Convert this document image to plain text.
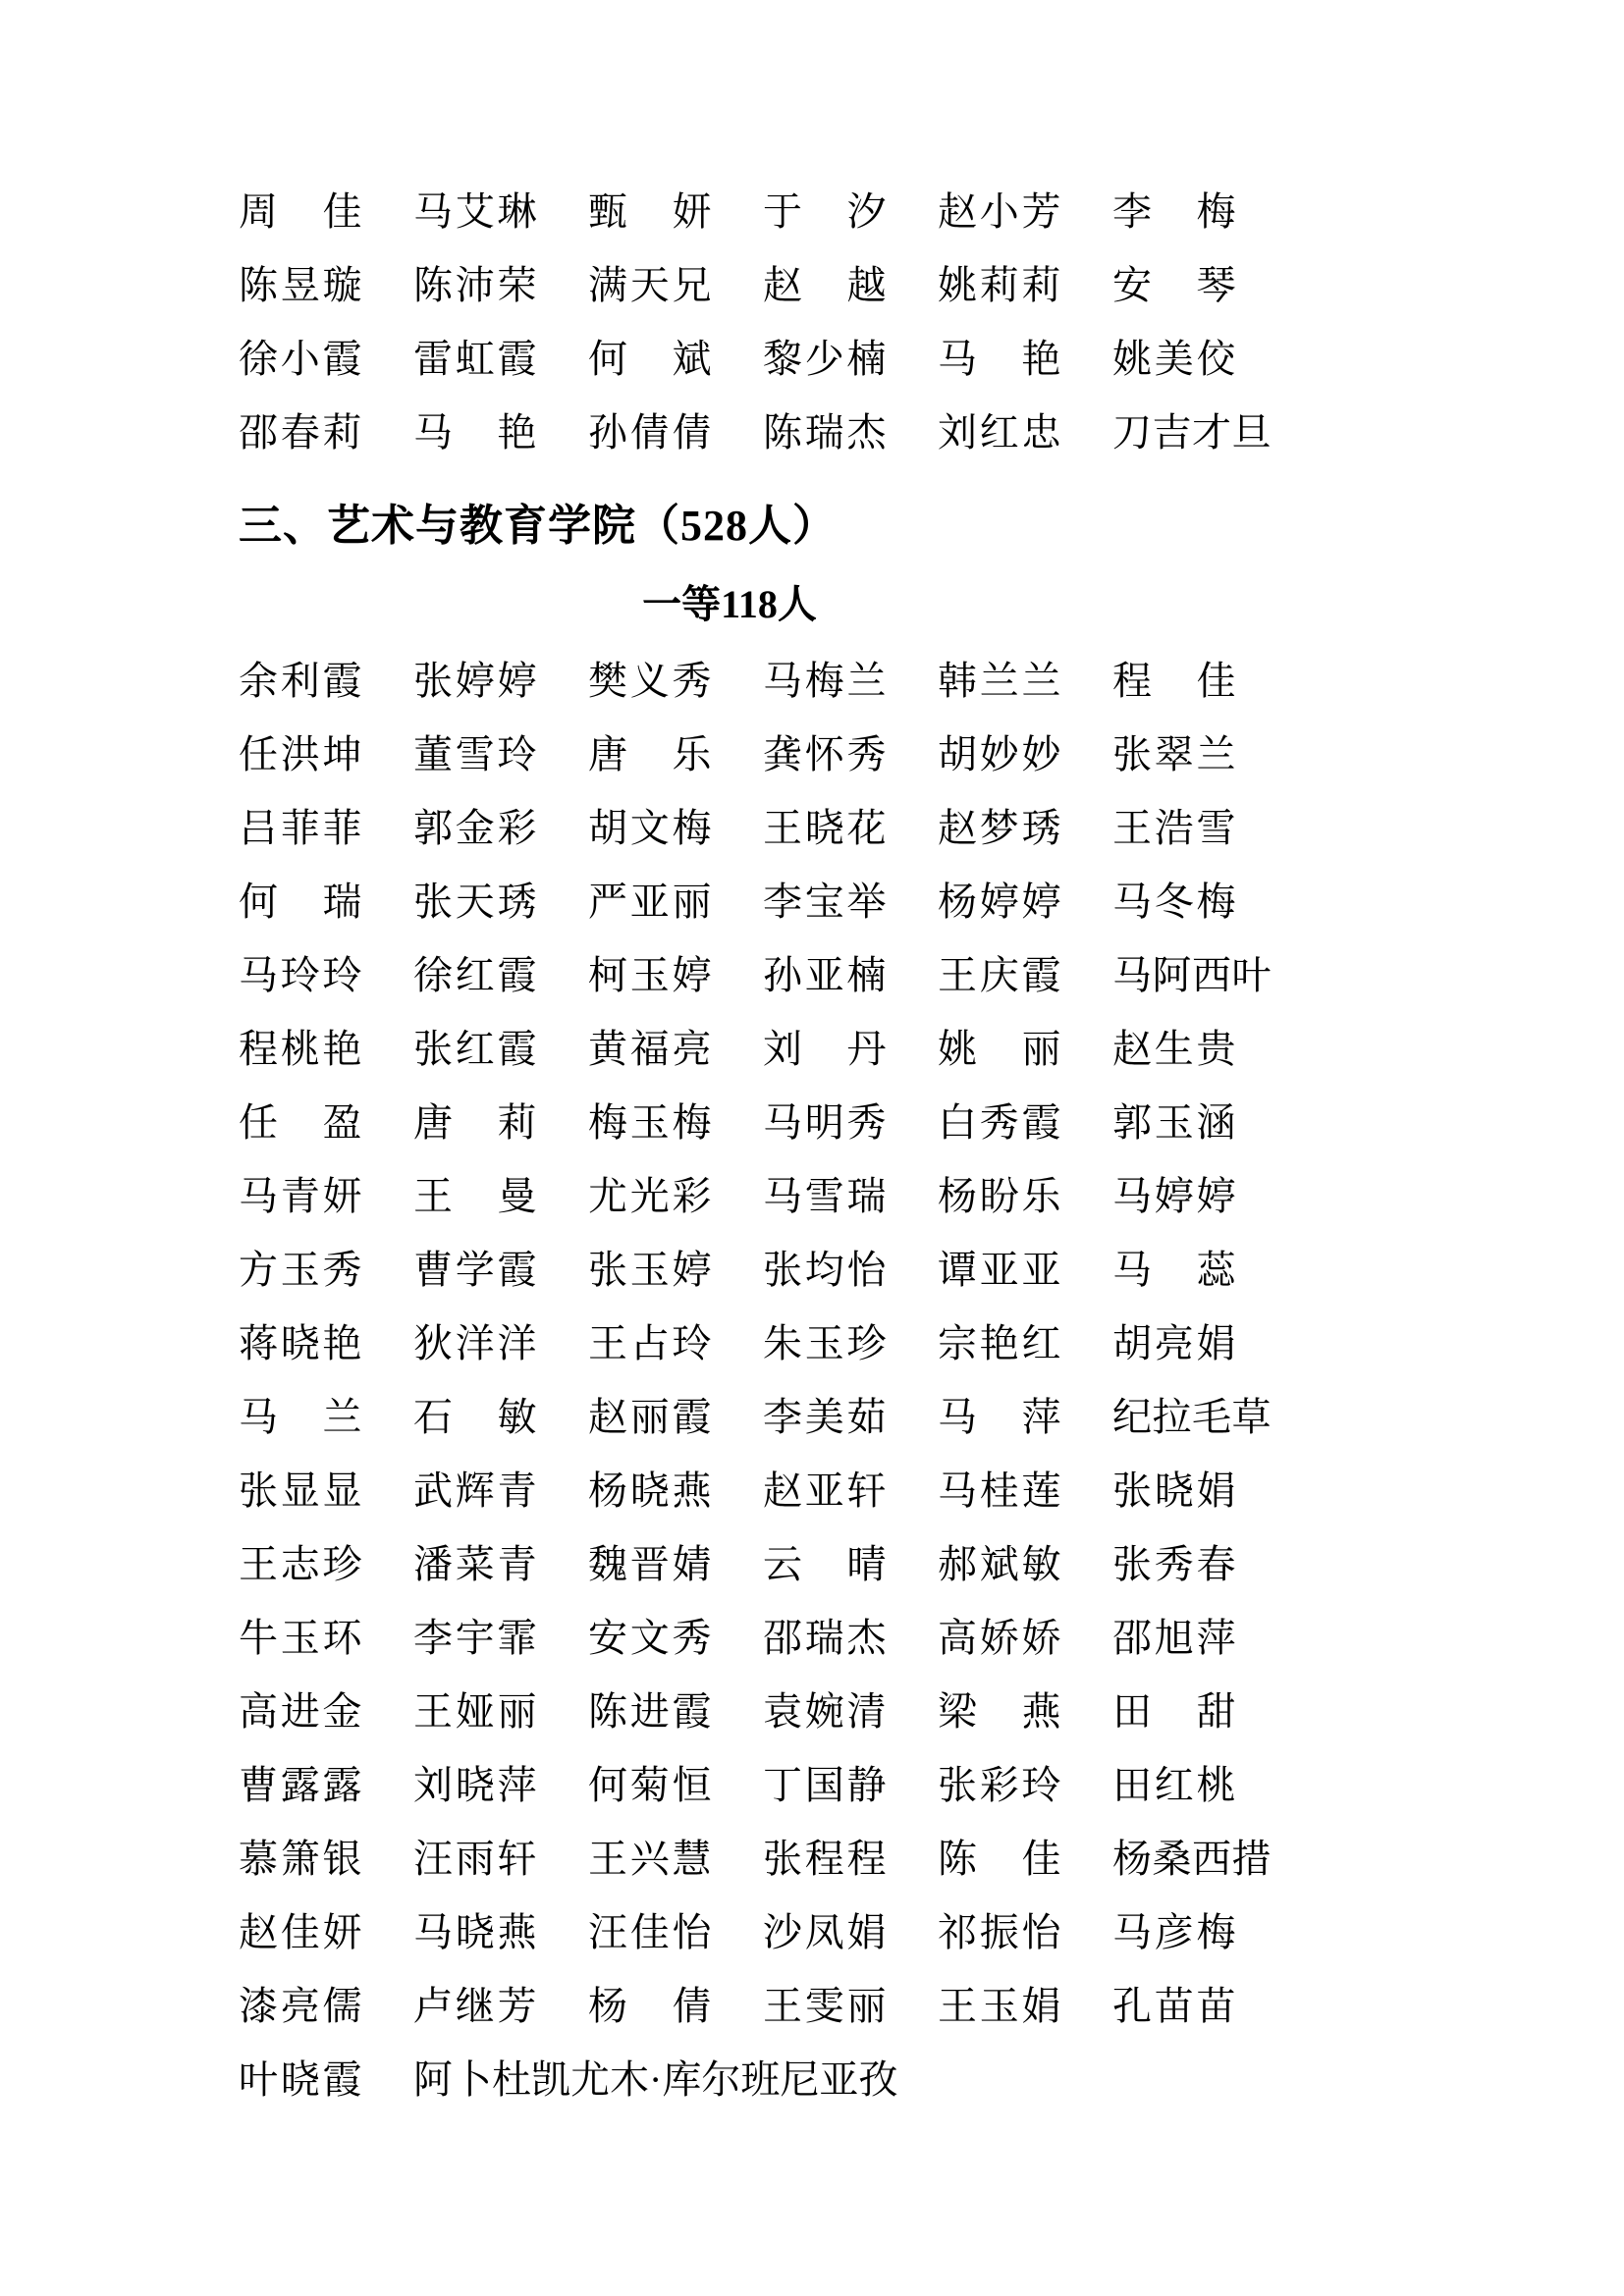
周佳	马艾琳	甄妍	于汐	赵小芳	李梅
陈昱璇	陈沛荣	满天兄	赵越	姚莉莉	安琴
徐小霞	雷虹霞	何斌	黎少楠	马艳	姚美佼
邵春莉	马艳	孙倩倩	陈瑞杰	刘红忠	刀吉才旦
三、艺术与教育学院（528人）
一等118人
余利霞	张婷婷	樊义秀	马梅兰	韩兰兰	程佳
任洪坤	董雪玲	唐乐	龚怀秀	胡妙妙	张翠兰
吕菲菲	郭金彩	胡文梅	王晓花	赵梦琇	王浩雪
何瑞	张天琇	严亚丽	李宝举	杨婷婷	马冬梅
马玲玲	徐红霞	柯玉婷	孙亚楠	王庆霞	马阿西叶
程桃艳	张红霞	黄福亮	刘丹	姚丽	赵生贵
任盈	唐莉	梅玉梅	马明秀	白秀霞	郭玉涵
马青妍	王曼	尤光彩	马雪瑞	杨盼乐	马婷婷
方玉秀	曹学霞	张玉婷	张均怡	谭亚亚	马蕊
蒋晓艳	狄洋洋	王占玲	朱玉珍	宗艳红	胡亮娟
马兰	石敏	赵丽霞	李美茹	马萍	纪拉毛草
张显显	武辉青	杨晓燕	赵亚轩	马桂莲	张晓娟
王志珍	潘菜青	魏晋婧	云晴	郝斌敏	张秀春
牛玉环	李宇霏	安文秀	邵瑞杰	高娇娇	邵旭萍
高进金	王娅丽	陈进霞	袁婉清	梁燕	田甜
曹露露	刘晓萍	何菊恒	丁国静	张彩玲	田红桃
慕箫银	汪雨轩	王兴慧	张程程	陈佳	杨桑西措
赵佳妍	马晓燕	汪佳怡	沙凤娟	祁振怡	马彦梅
漆亮儒	卢继芳	杨倩	王雯丽	王玉娟	孔苗苗
叶晓霞	阿卜杜凯尤木·库尔班尼亚孜
